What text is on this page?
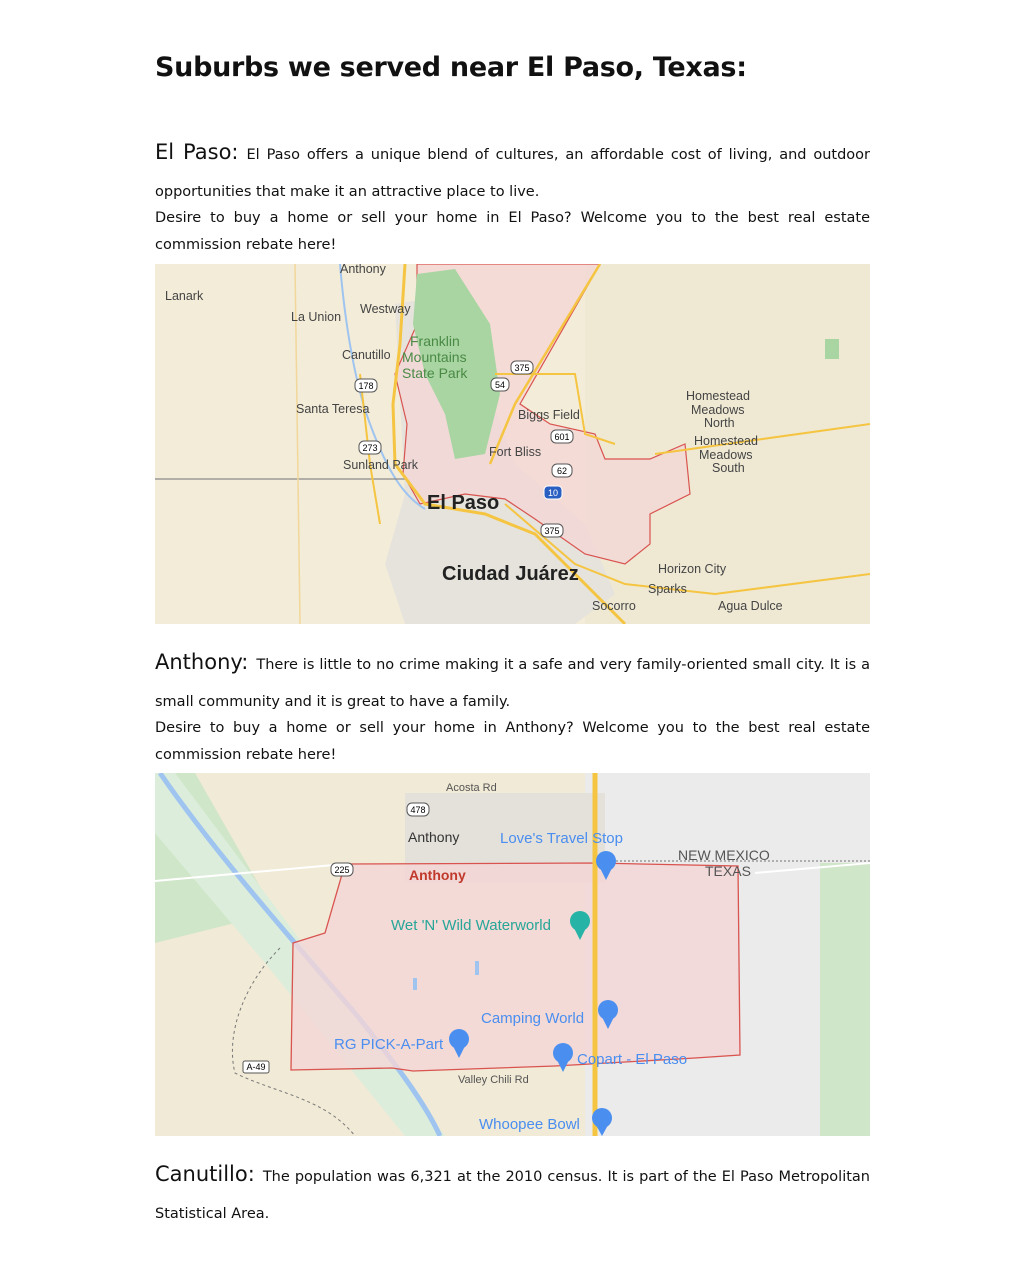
Suburbs we served near El Paso, Texas:

El Paso: El Paso offers a unique blend of cultures, an affordable cost of living, and outdoor opportunities that make it an attractive place to live.

Desire to buy a home or sell your home in El Paso? Welcome you to the best real estate commission rebate here!

Anthony
Lanark
Westway
La Union
Canutillo
Santa Teresa	Biggs Field
Fort Bliss
Sunland Park
Homestead
Meadows
North
Homestead
Meadows
South
Horizon City
Sparks
Socorro	Agua Dulce
Franklin
Mountains
State Park
El Paso
Ciudad Juárez
375
54
178
601
273
62
10
375

Anthony: There is little to no crime making it a safe and very family-oriented small city. It is a small community and it is great to have a family.

Desire to buy a home or sell your home in Anthony? Welcome you to the best real estate commission rebate here!

Acosta Rd
Anthony	Love's Travel Stop
NEW MEXICO
TEXAS
Anthony
Wet 'N' Wild Waterworld
Camping World
RG PICK-A-Part
Copart - El Paso
Valley Chili Rd
Whoopee Bowl
478
225
A-49

Canutillo: The population was 6,321 at the 2010 census. It is part of the El Paso Metropolitan Statistical Area.
